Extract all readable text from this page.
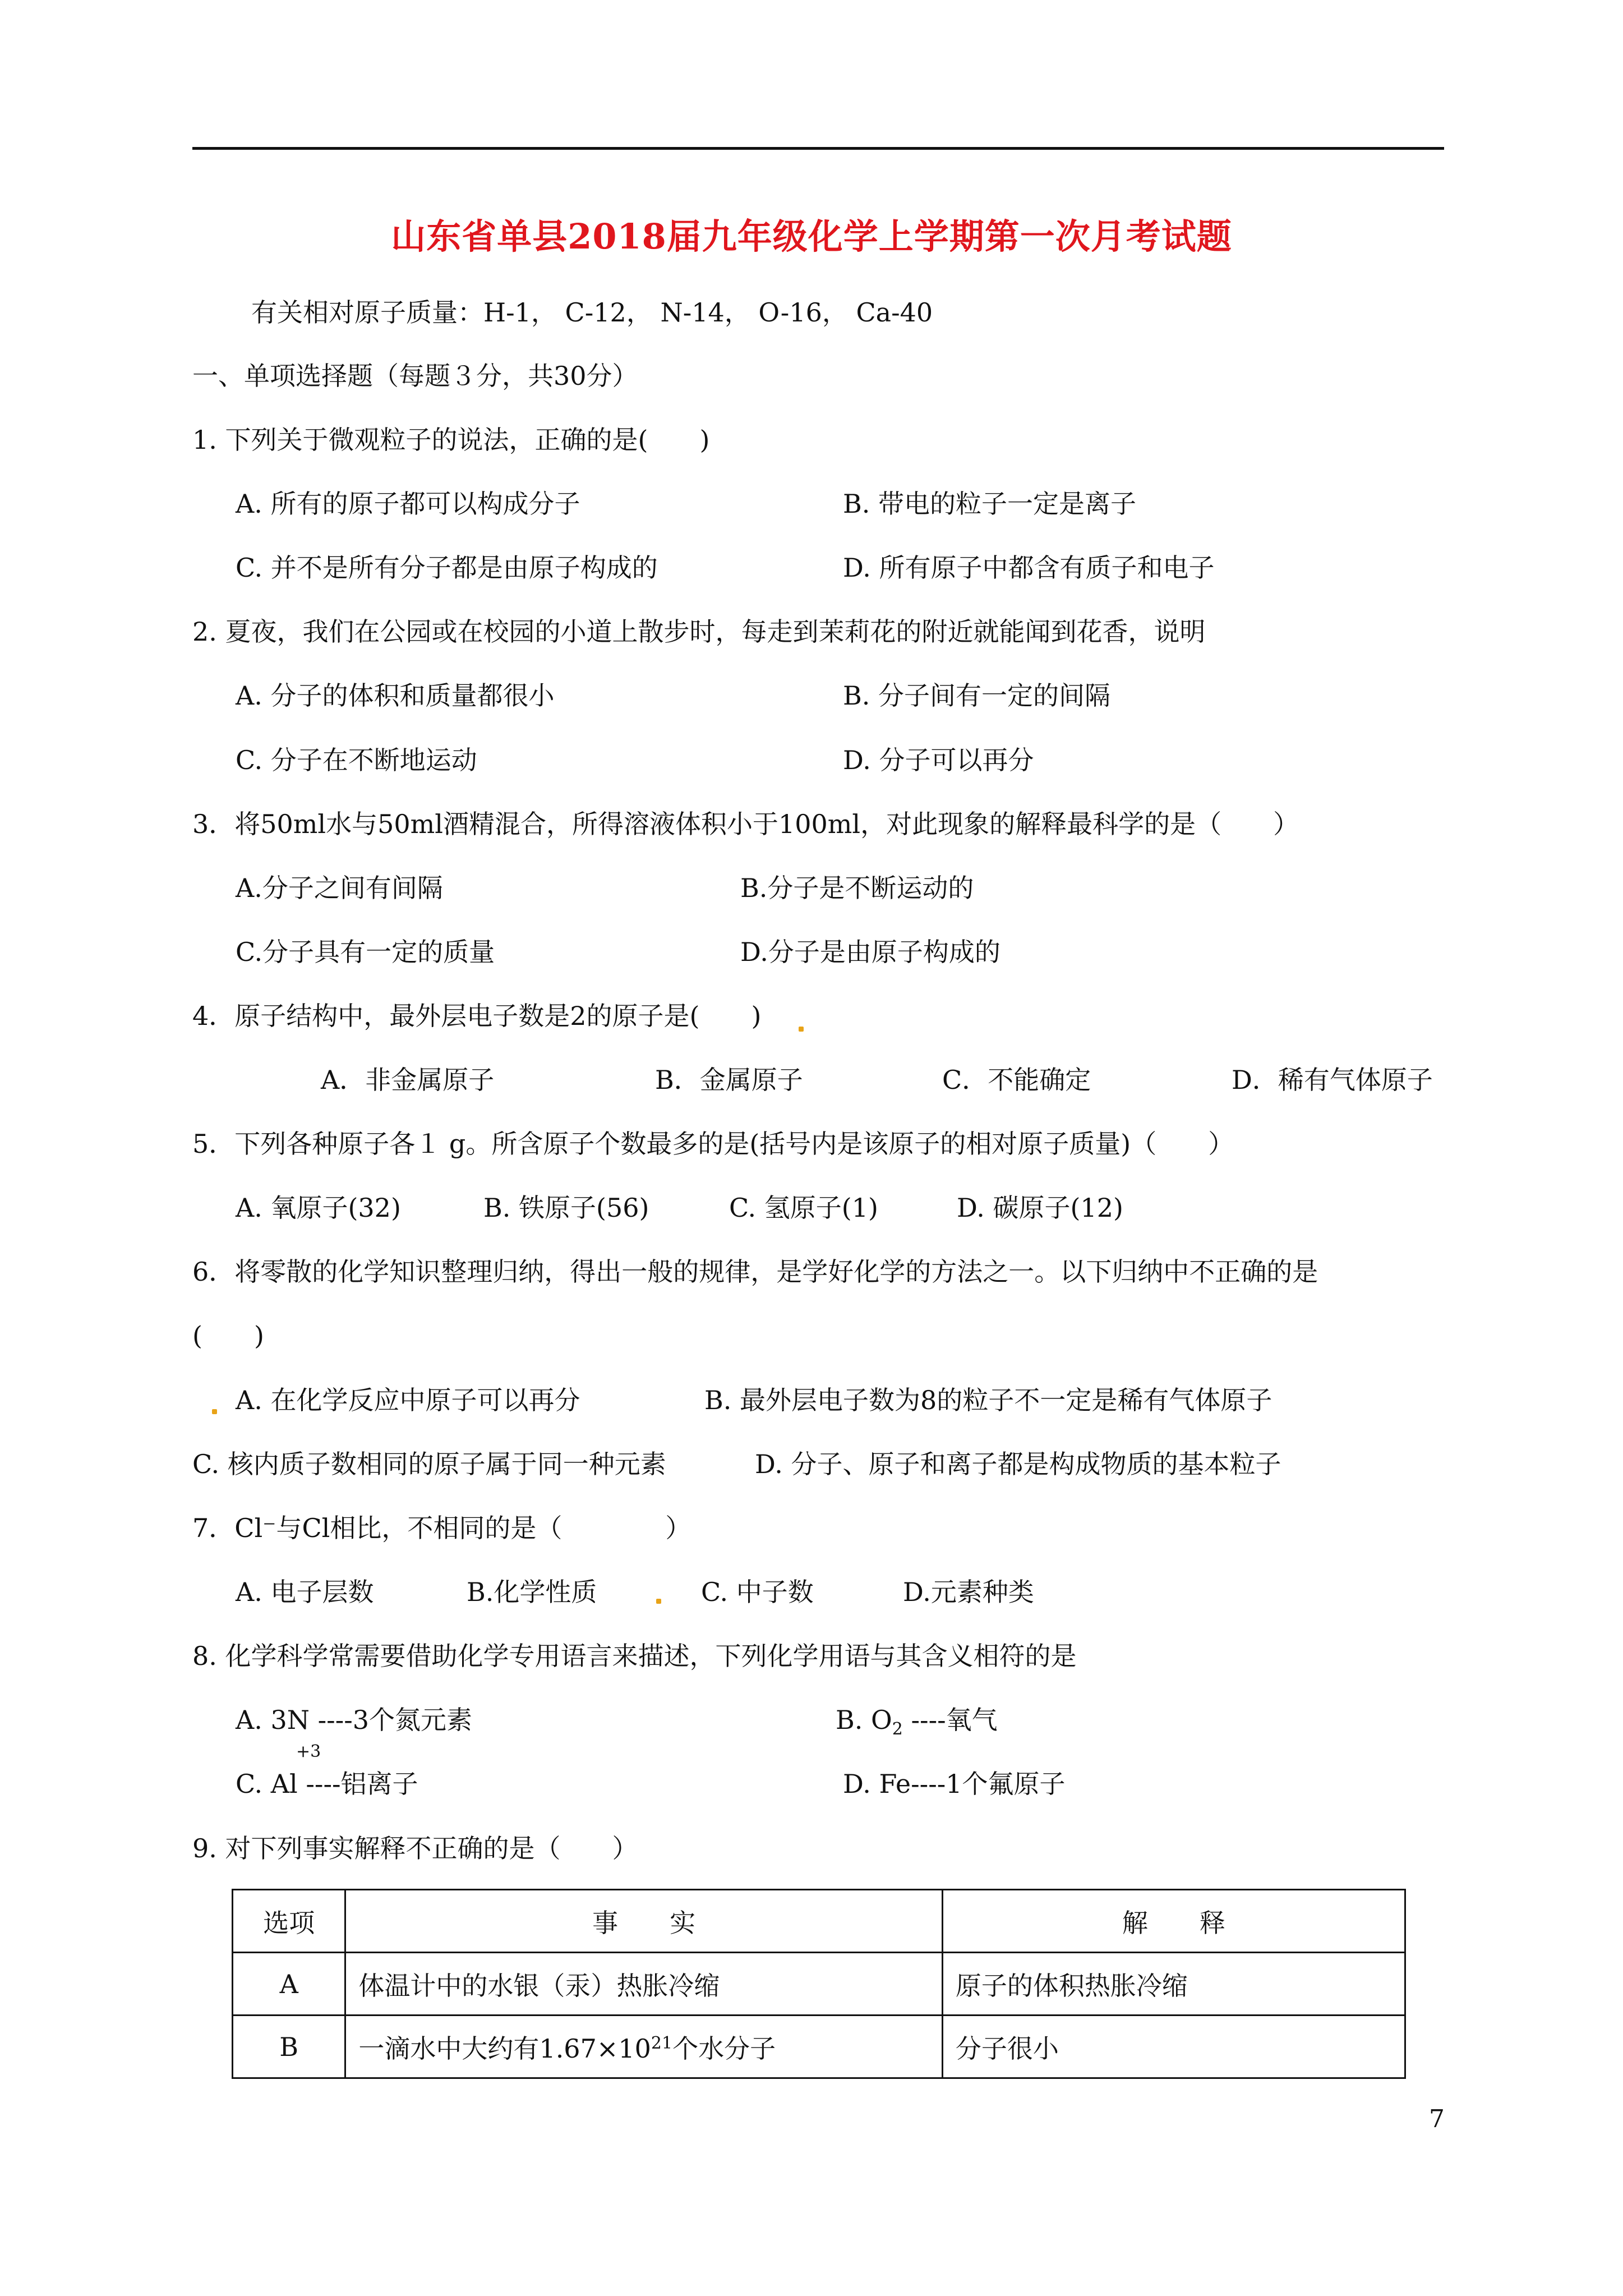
山东省单县2018届九年级化学上学期第一次月考试题
有关相对原子质量：H-1， C-12， N-14， O-16， Ca-40
一、单项选择题（每题３分，共30分）
1. 下列关于微观粒子的说法，正确的是(　　)
A. 所有的原子都可以构成分子	B. 带电的粒子一定是离子
C. 并不是所有分子都是由原子构成的	D. 所有原子中都含有质子和电子
2. 夏夜，我们在公园或在校园的小道上散步时，每走到茉莉花的附近就能闻到花香，说明
A. 分子的体积和质量都很小	B. 分子间有一定的间隔
C. 分子在不断地运动	D. 分子可以再分
3．将50ml水与50ml酒精混合，所得溶液体积小于100ml，对此现象的解释最科学的是（　　）
A.分子之间有间隔	B.分子是不断运动的
C.分子具有一定的质量	D.分子是由原子构成的
4．原子结构中，最外层电子数是2的原子是(　　)
A．非金属原子	B．金属原子	C．不能确定	D．稀有气体原子
5．下列各种原子各１ g。所含原子个数最多的是(括号内是该原子的相对原子质量)（　　）
A. 氧原子(32)	B. 铁原子(56)	C. 氢原子(1)	D. 碳原子(12)
6．将零散的化学知识整理归纳，得出一般的规律，是学好化学的方法之一。以下归纳中不正确的是
(　　)
A. 在化学反应中原子可以再分	B. 最外层电子数为8的粒子不一定是稀有气体原子
C. 核内质子数相同的原子属于同一种元素	D. 分子、原子和离子都是构成物质的基本粒子
7．Cl⁻与Cl相比，不相同的是（　　　　）
A. 电子层数	B.化学性质	C. 中子数	D.元素种类
8. 化学科学常需要借助化学专用语言来描述，下列化学用语与其含义相符的是
A. 3N ----3个氮元素	B. $O_2$ ----氧气
+3
C. Al ----铝离子	D. Fe----1个氟原子
9. 对下列事实解释不正确的是（　　）
选项	事　　实	解　　释
A	体温计中的水银（汞）热胀冷缩	原子的体积热胀冷缩
B	一滴水中大约有$1.67\times 10^{21}$个水分子	分子很小
7
